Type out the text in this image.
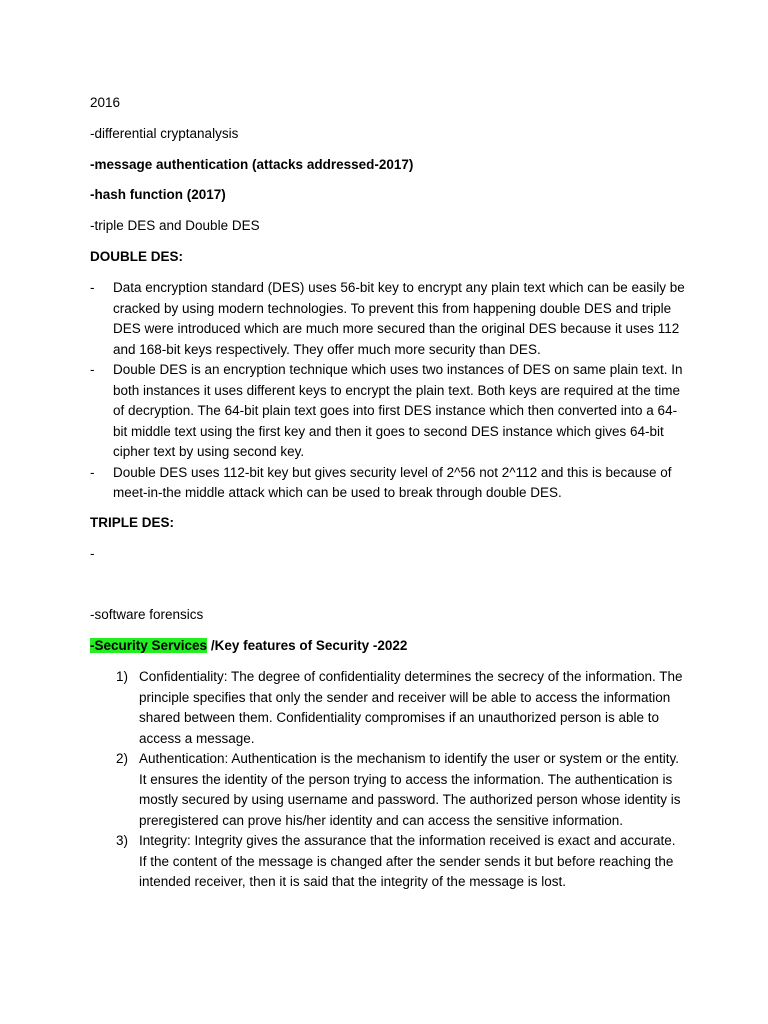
2016
-differential cryptanalysis
-message authentication (attacks addressed-2017)
-hash function (2017)
-triple DES and Double DES
DOUBLE DES:
- Data encryption standard (DES) uses 56-bit key to encrypt any plain text which can be easily be cracked by using modern technologies. To prevent this from happening double DES and triple DES were introduced which are much more secured than the original DES because it uses 112 and 168-bit keys respectively. They offer much more security than DES.
- Double DES is an encryption technique which uses two instances of DES on same plain text. In both instances it uses different keys to encrypt the plain text. Both keys are required at the time of decryption. The 64-bit plain text goes into first DES instance which then converted into a 64-bit middle text using the first key and then it goes to second DES instance which gives 64-bit cipher text by using second key.
- Double DES uses 112-bit key but gives security level of 2^56 not 2^112 and this is because of meet-in-the middle attack which can be used to break through double DES.
TRIPLE DES:
-
-software forensics
-Security Services /Key features of Security -2022
1) Confidentiality: The degree of confidentiality determines the secrecy of the information. The principle specifies that only the sender and receiver will be able to access the information shared between them. Confidentiality compromises if an unauthorized person is able to access a message.
2) Authentication: Authentication is the mechanism to identify the user or system or the entity. It ensures the identity of the person trying to access the information. The authentication is mostly secured by using username and password. The authorized person whose identity is preregistered can prove his/her identity and can access the sensitive information.
3) Integrity: Integrity gives the assurance that the information received is exact and accurate. If the content of the message is changed after the sender sends it but before reaching the intended receiver, then it is said that the integrity of the message is lost.
